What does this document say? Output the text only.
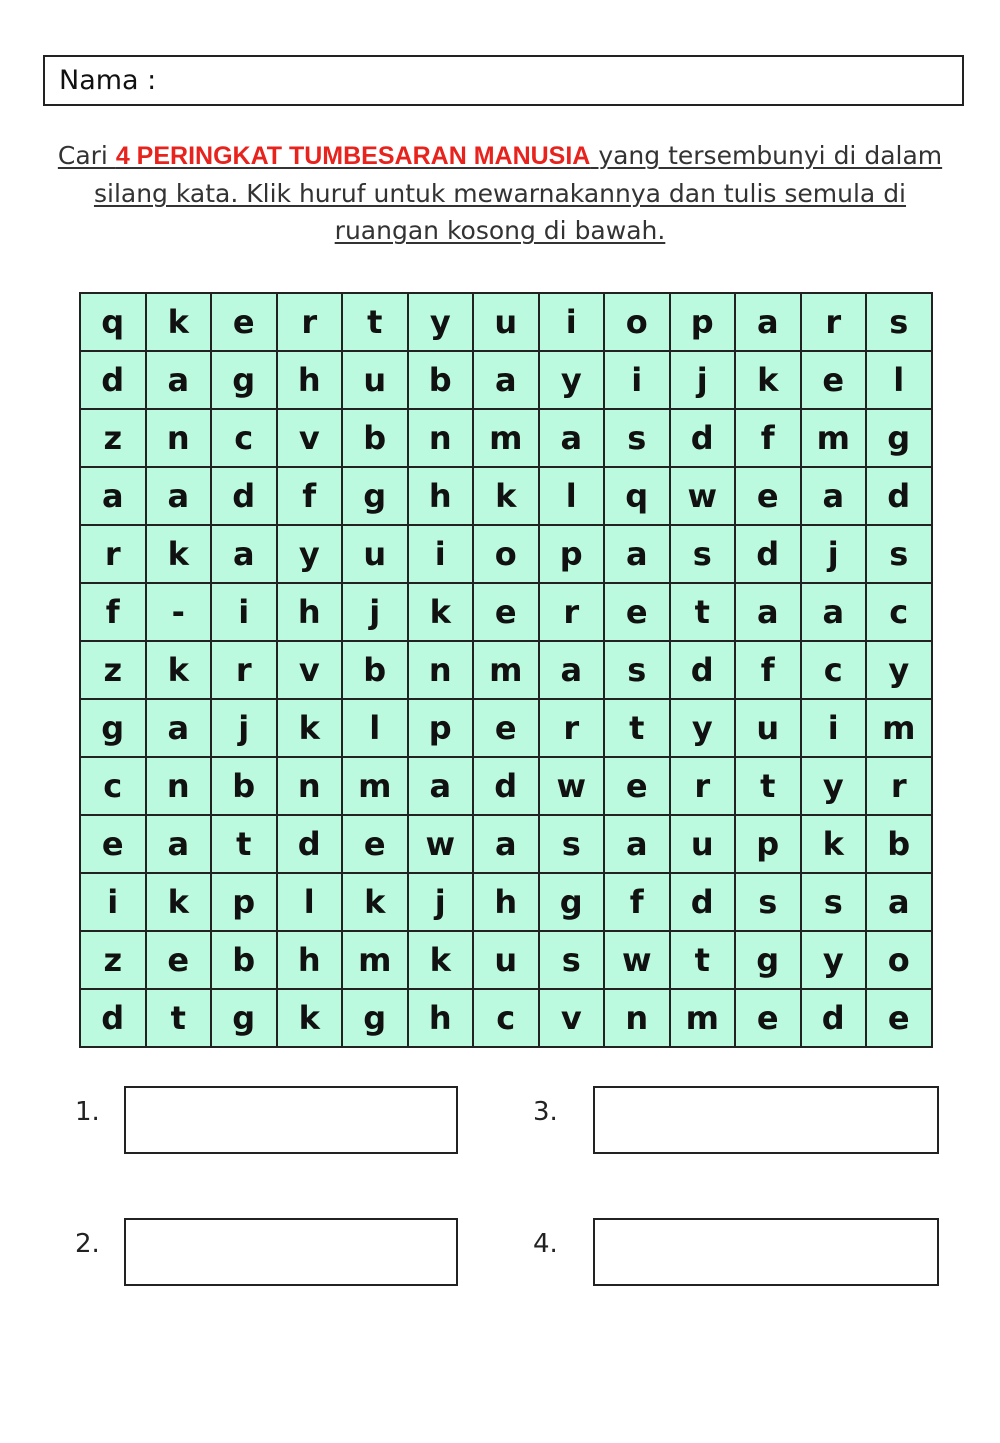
Nama :
Cari 4 PERINGKAT TUMBESARAN MANUSIA yang tersembunyi di dalam silang kata. Klik huruf untuk mewarnakannya dan tulis semula di ruangan kosong di bawah.
q	k	e	r	t	y	u	i	o	p	a	r	s
d	a	g	h	u	b	a	y	i	j	k	e	l
z	n	c	v	b	n	m	a	s	d	f	m	g
a	a	d	f	g	h	k	l	q	w	e	a	d
r	k	a	y	u	i	o	p	a	s	d	j	s
f	-	i	h	j	k	e	r	e	t	a	a	c
z	k	r	v	b	n	m	a	s	d	f	c	y
g	a	j	k	l	p	e	r	t	y	u	i	m
c	n	b	n	m	a	d	w	e	r	t	y	r
e	a	t	d	e	w	a	s	a	u	p	k	b
i	k	p	l	k	j	h	g	f	d	s	s	a
z	e	b	h	m	k	u	s	w	t	g	y	o
d	t	g	k	g	h	c	v	n	m	e	d	e
1.
2.
3.
4.
